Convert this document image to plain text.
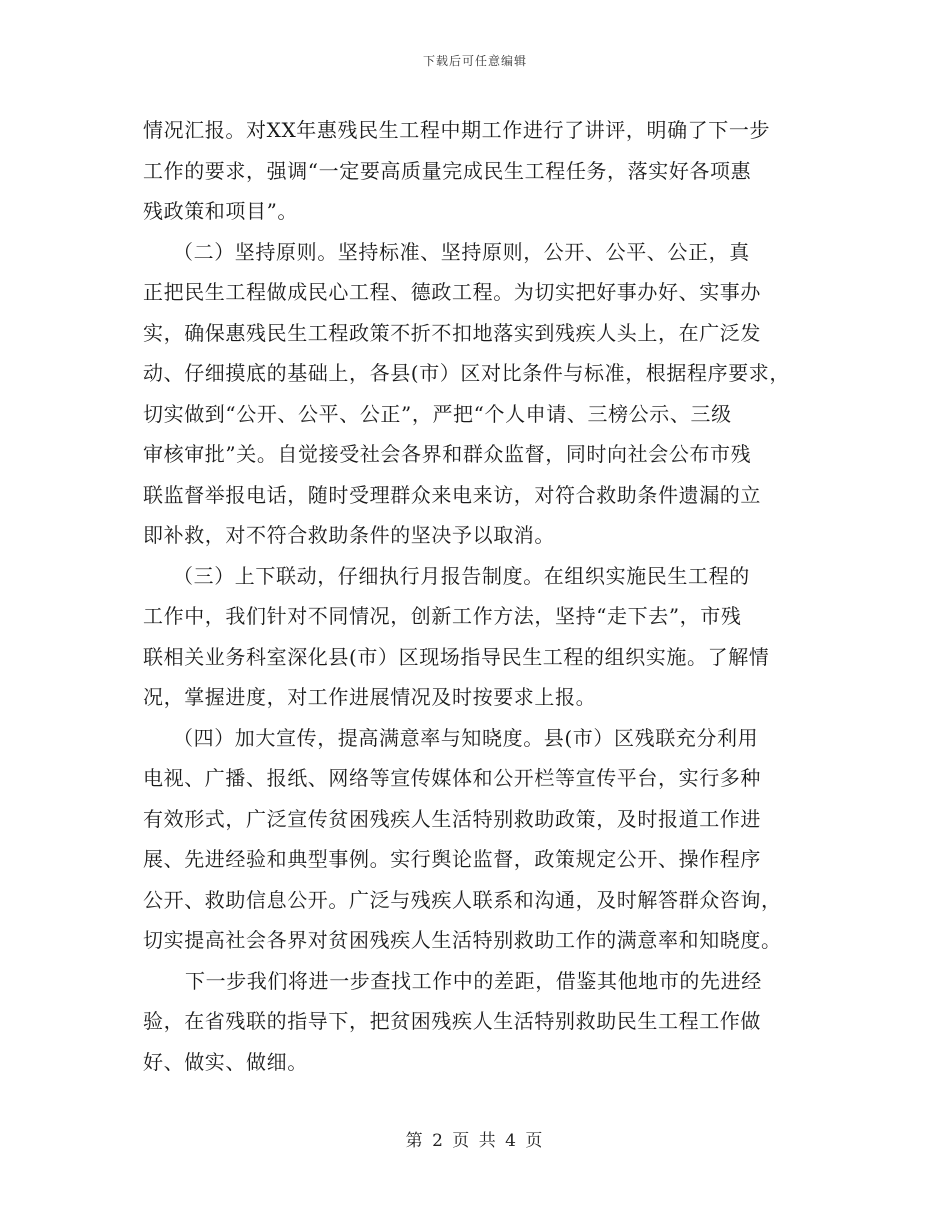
下载后可任意编辑
情况汇报。对XX年惠残民生工程中期工作进行了讲评，明确了下一步
工作的要求，强调“一定要高质量完成民生工程任务，落实好各项惠
残政策和项目”。
（二）坚持原则。坚持标准、坚持原则，公开、公平、公正，真
正把民生工程做成民心工程、德政工程。为切实把好事办好、实事办
实，确保惠残民生工程政策不折不扣地落实到残疾人头上，在广泛发
动、仔细摸底的基础上，各县(市）区对比条件与标准，根据程序要求，
切实做到“公开、公平、公正”，严把“个人申请、三榜公示、三级
审核审批”关。自觉接受社会各界和群众监督，同时向社会公布市残
联监督举报电话，随时受理群众来电来访，对符合救助条件遗漏的立
即补救，对不符合救助条件的坚决予以取消。
（三）上下联动，仔细执行月报告制度。在组织实施民生工程的
工作中，我们针对不同情况，创新工作方法，坚持“走下去”，市残
联相关业务科室深化县(市）区现场指导民生工程的组织实施。了解情
况，掌握进度，对工作进展情况及时按要求上报。
（四）加大宣传，提高满意率与知晓度。县(市）区残联充分利用
电视、广播、报纸、网络等宣传媒体和公开栏等宣传平台，实行多种
有效形式，广泛宣传贫困残疾人生活特别救助政策，及时报道工作进
展、先进经验和典型事例。实行舆论监督，政策规定公开、操作程序
公开、救助信息公开。广泛与残疾人联系和沟通，及时解答群众咨询，
切实提高社会各界对贫困残疾人生活特别救助工作的满意率和知晓度。
下一步我们将进一步查找工作中的差距，借鉴其他地市的先进经
验，在省残联的指导下，把贫困残疾人生活特别救助民生工程工作做
好、做实、做细。
第 2 页 共 4 页
